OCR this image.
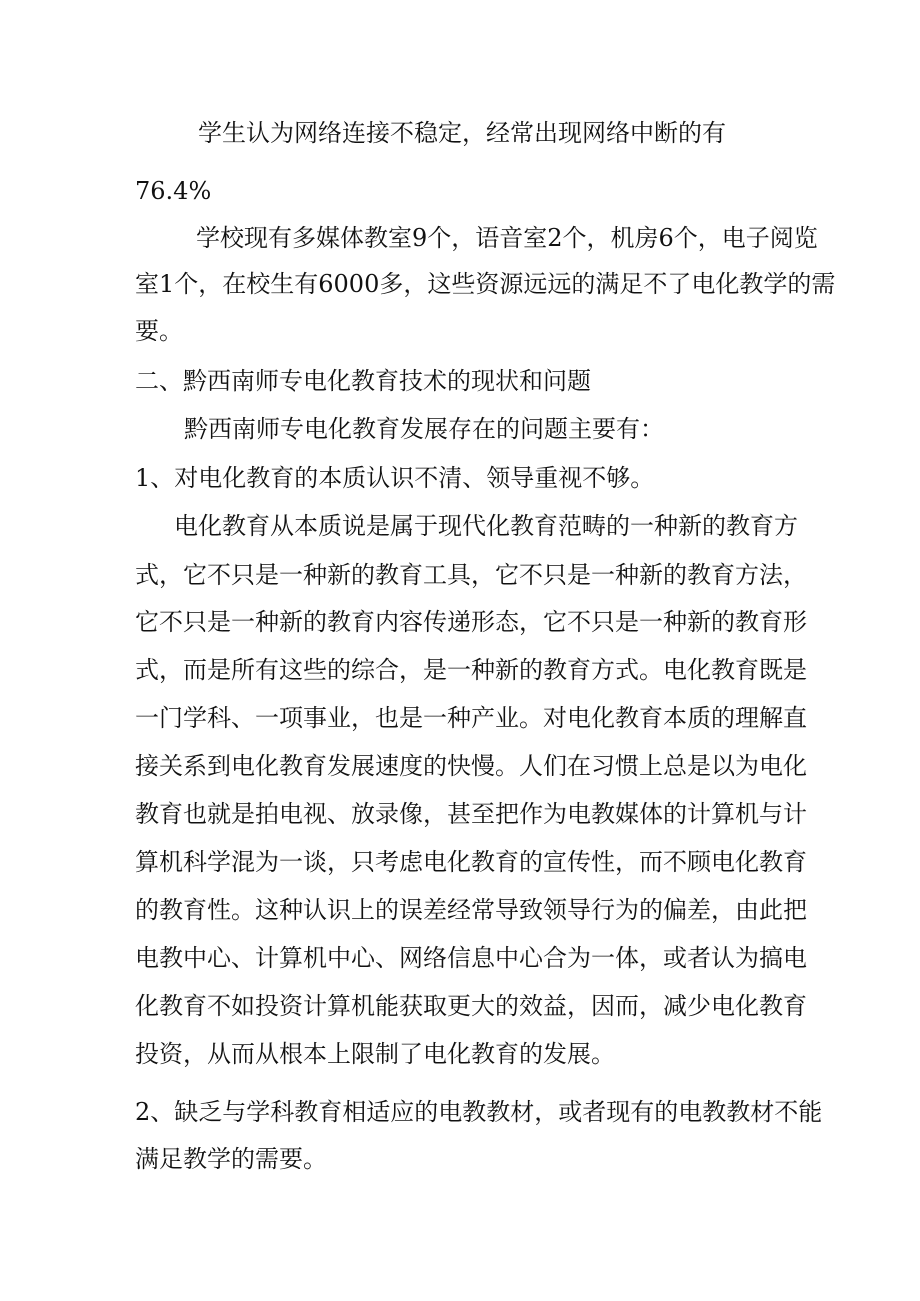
学生认为网络连接不稳定，经常出现网络中断的有

76.4%

学校现有多媒体教室9个，语音室2个，机房6个，电子阅览

室1个，在校生有6000多，这些资源远远的满足不了电化教学的需

要。

二、黔西南师专电化教育技术的现状和问题

黔西南师专电化教育发展存在的问题主要有：

1、对电化教育的本质认识不清、领导重视不够。

电化教育从本质说是属于现代化教育范畴的一种新的教育方

式，它不只是一种新的教育工具，它不只是一种新的教育方法，

它不只是一种新的教育内容传递形态，它不只是一种新的教育形

式，而是所有这些的综合，是一种新的教育方式。电化教育既是

一门学科、一项事业，也是一种产业。对电化教育本质的理解直

接关系到电化教育发展速度的快慢。人们在习惯上总是以为电化

教育也就是拍电视、放录像，甚至把作为电教媒体的计算机与计

算机科学混为一谈，只考虑电化教育的宣传性，而不顾电化教育

的教育性。这种认识上的误差经常导致领导行为的偏差，由此把

电教中心、计算机中心、网络信息中心合为一体，或者认为搞电

化教育不如投资计算机能获取更大的效益，因而，减少电化教育

投资，从而从根本上限制了电化教育的发展。

2、缺乏与学科教育相适应的电教教材，或者现有的电教教材不能

满足教学的需要。
